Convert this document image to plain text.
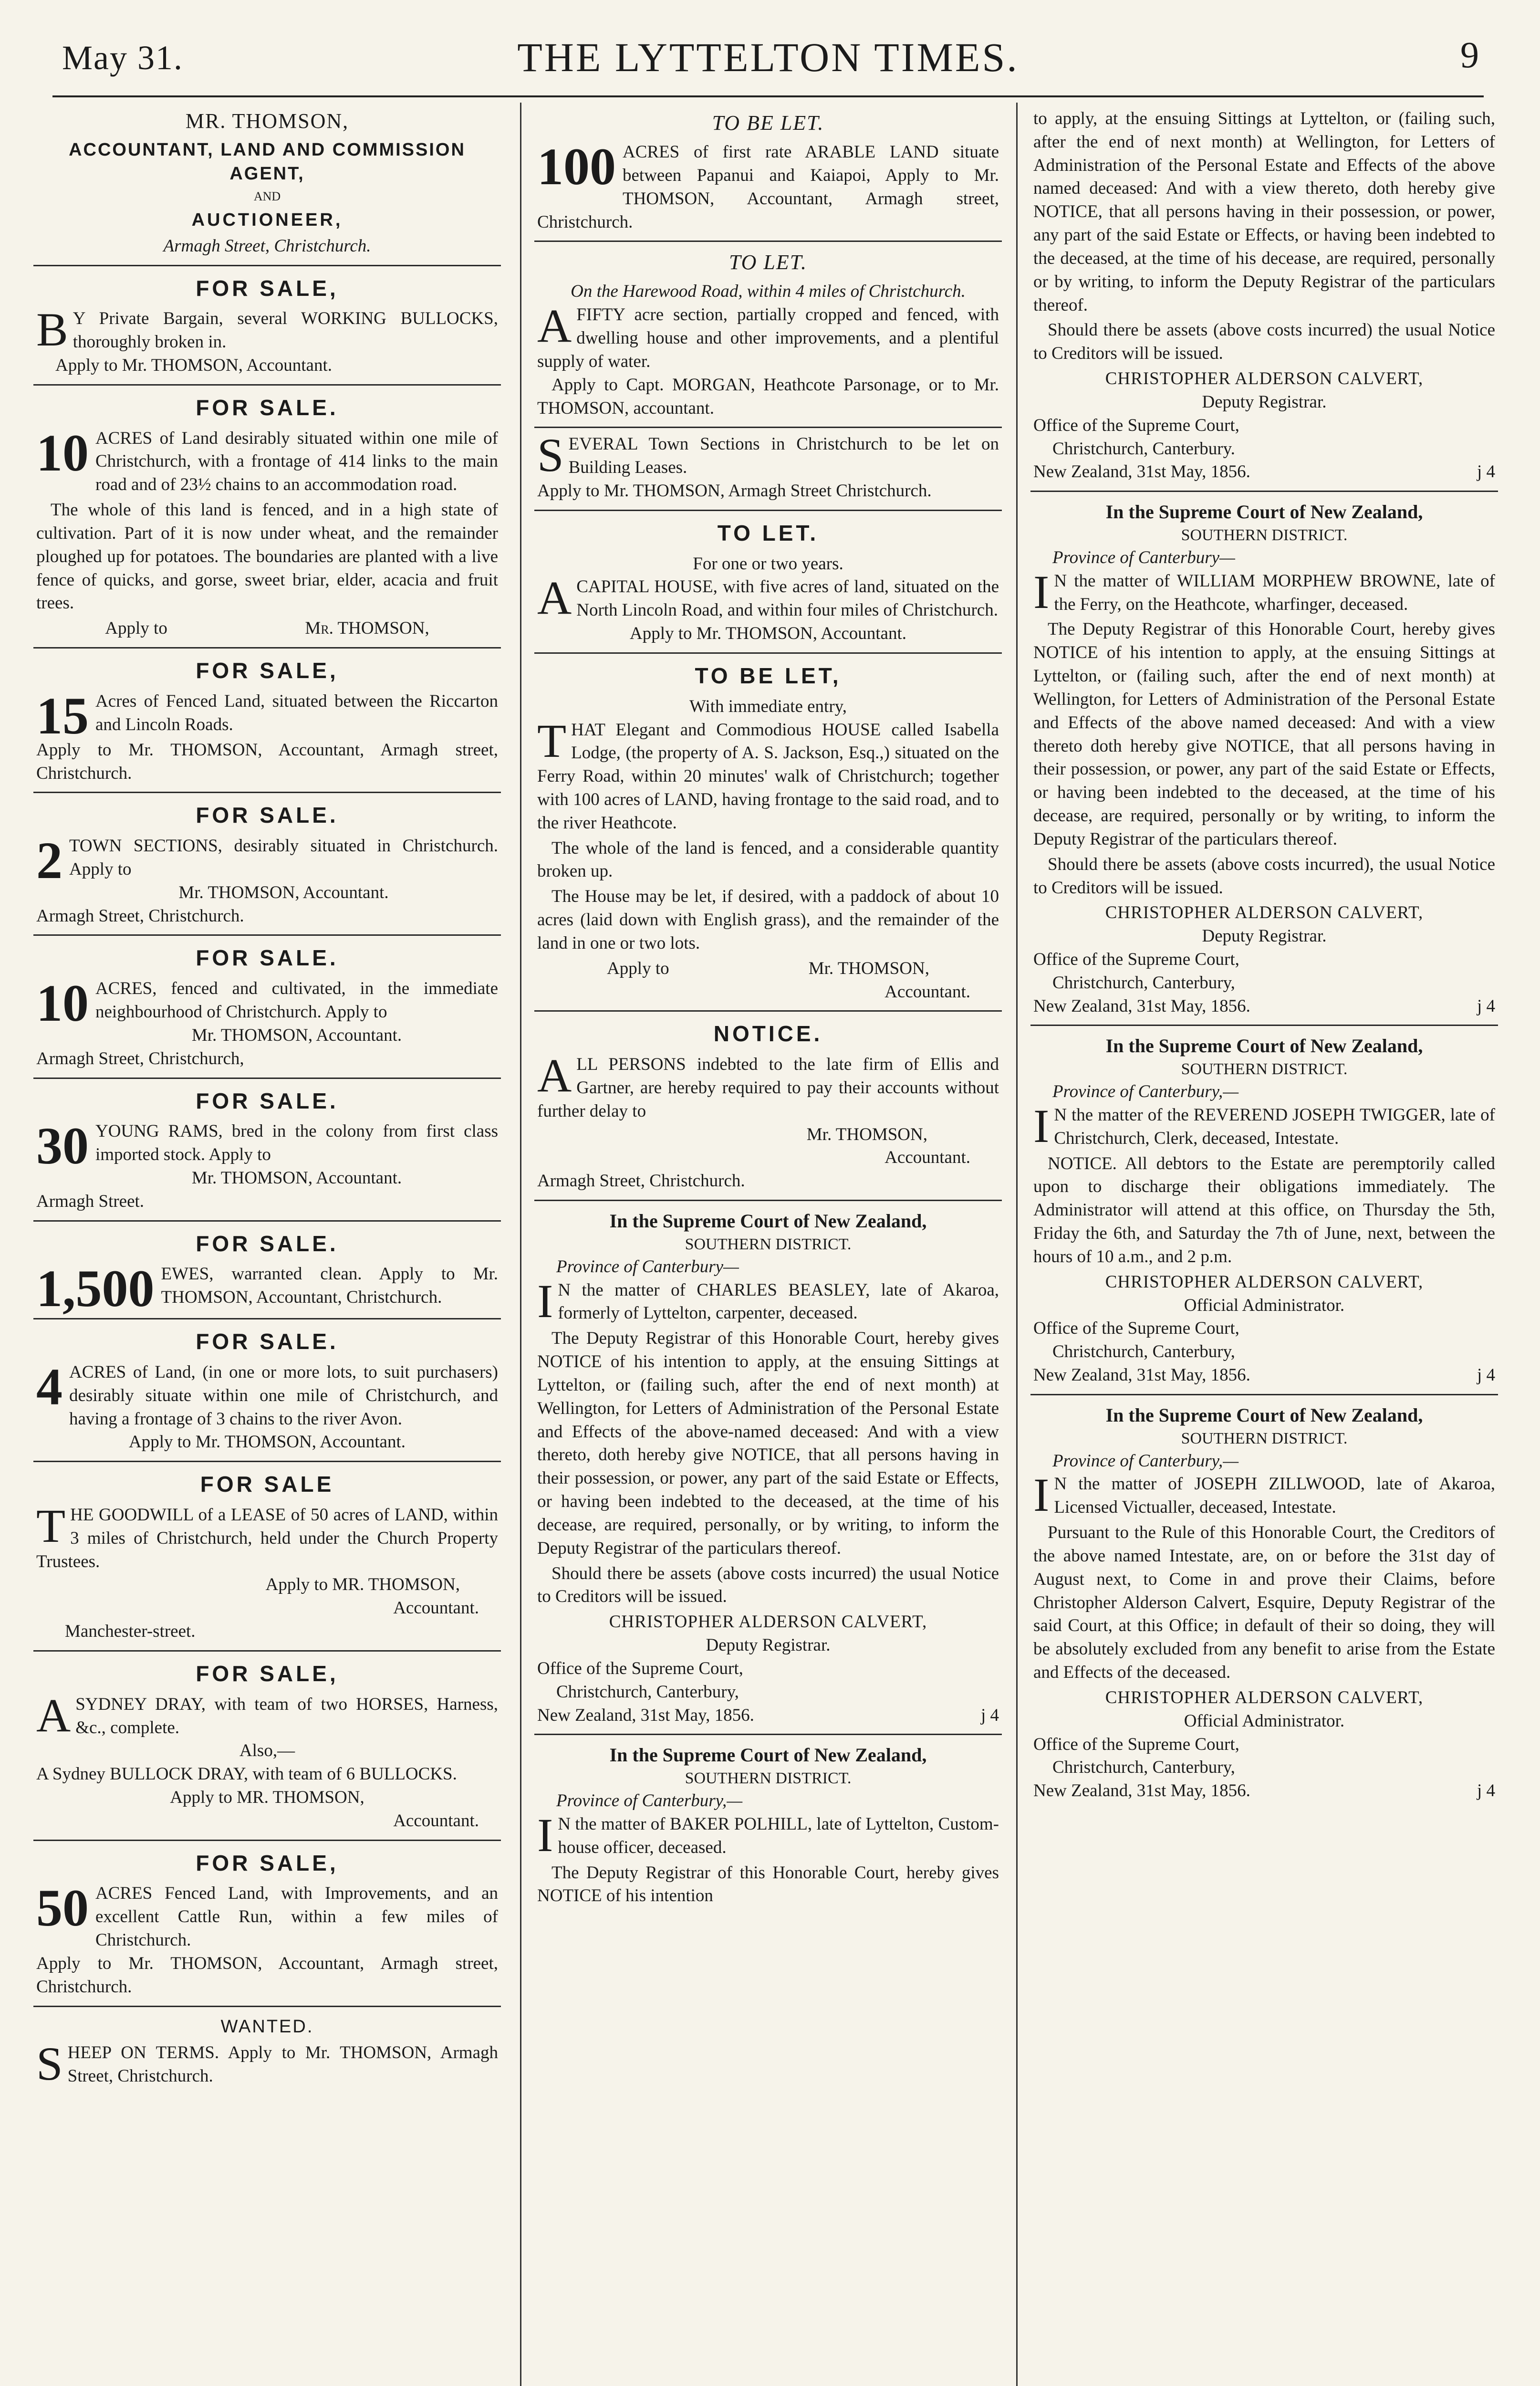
May 31.	THE LYTTELTON TIMES.	9
MR. THOMSON,
ACCOUNTANT, LAND AND COMMISSION AGENT,
AND
AUCTIONEER,
Armagh Street, Christchurch.
FOR SALE,
B Y Private Bargain, several WORKING BULLOCKS, thoroughly broken in.
Apply to Mr. THOMSON, Accountant.
FOR SALE.
10 ACRES of Land desirably situated within one mile of Christchurch, with a frontage of 414 links to the main road and of 23½ chains to an accommodation road.
The whole of this land is fenced, and in a high state of cultivation. Part of it is now under wheat, and the remainder ploughed up for potatoes. The boundaries are planted with a live fence of quicks, and gorse, sweet briar, elder, acacia and fruit trees.
Apply to	Mr. THOMSON,
FOR SALE,
15 Acres of Fenced Land, situated between the Riccarton and Lincoln Roads.
Apply to Mr. THOMSON, Accountant, Armagh street, Christchurch.
FOR SALE.
2 TOWN SECTIONS, desirably situated in Christchurch. Apply to
Mr. THOMSON, Accountant.
Armagh Street, Christchurch.
FOR SALE.
10 ACRES, fenced and cultivated, in the immediate neighbourhood of Christchurch. Apply to
Mr. THOMSON, Accountant.
Armagh Street, Christchurch,
FOR SALE.
30 YOUNG RAMS, bred in the colony from first class imported stock. Apply to
Mr. THOMSON, Accountant.
Armagh Street.
FOR SALE.
1,500 EWES, warranted clean. Apply to Mr. THOMSON, Accountant, Christchurch.
FOR SALE.
4 ACRES of Land, (in one or more lots, to suit purchasers) desirably situate within one mile of Christchurch, and having a frontage of 3 chains to the river Avon.
Apply to Mr. THOMSON, Accountant.
FOR SALE
T HE GOODWILL of a LEASE of 50 acres of LAND, within 3 miles of Christchurch, held under the Church Property Trustees.
Apply to MR. THOMSON,
Accountant.
Manchester-street.
FOR SALE,
A SYDNEY DRAY, with team of two HORSES, Harness, &c., complete.
Also,—
A Sydney BULLOCK DRAY, with team of 6 BULLOCKS.
Apply to MR. THOMSON,
Accountant.
FOR SALE,
50 ACRES Fenced Land, with Improvements, and an excellent Cattle Run, within a few miles of Christchurch.
Apply to Mr. THOMSON, Accountant, Armagh street, Christchurch.
WANTED.
S HEEP ON TERMS. Apply to Mr. THOMSON, Armagh Street, Christchurch.
TO BE LET.
100 ACRES of first rate ARABLE LAND situate between Papanui and Kaiapoi, Apply to Mr. THOMSON, Accountant, Armagh street, Christchurch.
TO LET.
On the Harewood Road, within 4 miles of Christchurch.
A FIFTY acre section, partially cropped and fenced, with dwelling house and other improvements, and a plentiful supply of water.
Apply to Capt. MORGAN, Heathcote Parsonage, or to Mr. THOMSON, accountant.
S EVERAL Town Sections in Christchurch to be let on Building Leases.
Apply to Mr. THOMSON, Armagh Street Christchurch.
TO LET.
For one or two years.
A CAPITAL HOUSE, with five acres of land, situated on the North Lincoln Road, and within four miles of Christchurch.
Apply to Mr. THOMSON, Accountant.
TO BE LET,
With immediate entry,
T HAT Elegant and Commodious HOUSE called Isabella Lodge, (the property of A. S. Jackson, Esq.,) situated on the Ferry Road, within 20 minutes' walk of Christchurch; together with 100 acres of LAND, having frontage to the said road, and to the river Heathcote.
The whole of the land is fenced, and a considerable quantity broken up.
The House may be let, if desired, with a paddock of about 10 acres (laid down with English grass), and the remainder of the land in one or two lots.
Apply to	Mr. THOMSON,
Accountant.
NOTICE.
A LL PERSONS indebted to the late firm of Ellis and Gartner, are hereby required to pay their accounts without further delay to
Mr. THOMSON,
Accountant.
Armagh Street, Christchurch.
In the Supreme Court of New Zealand,
SOUTHERN DISTRICT.
Province of Canterbury—
I N the matter of CHARLES BEASLEY, late of Akaroa, formerly of Lyttelton, carpenter, deceased.
The Deputy Registrar of this Honorable Court, hereby gives NOTICE of his intention to apply, at the ensuing Sittings at Lyttelton, or (failing such, after the end of next month) at Wellington, for Letters of Administration of the Personal Estate and Effects of the above-named deceased: And with a view thereto, doth hereby give NOTICE, that all persons having in their possession, or power, any part of the said Estate or Effects, or having been indebted to the deceased, at the time of his decease, are required, personally, or by writing, to inform the Deputy Registrar of the particulars thereof.
Should there be assets (above costs incurred) the usual Notice to Creditors will be issued.
CHRISTOPHER ALDERSON CALVERT,
Deputy Registrar.
Office of the Supreme Court,
Christchurch, Canterbury,
New Zealand, 31st May, 1856.	j 4
In the Supreme Court of New Zealand,
SOUTHERN DISTRICT.
Province of Canterbury,—
I N the matter of BAKER POLHILL, late of Lyttelton, Custom-house officer, deceased.
The Deputy Registrar of this Honorable Court, hereby gives NOTICE of his intention
to apply, at the ensuing Sittings at Lyttelton, or (failing such, after the end of next month) at Wellington, for Letters of Administration of the Personal Estate and Effects of the above named deceased: And with a view thereto, doth hereby give NOTICE, that all persons having in their possession, or power, any part of the said Estate or Effects, or having been indebted to the deceased, at the time of his decease, are required, personally or by writing, to inform the Deputy Registrar of the particulars thereof.
Should there be assets (above costs incurred) the usual Notice to Creditors will be issued.
CHRISTOPHER ALDERSON CALVERT,
Deputy Registrar.
Office of the Supreme Court,
Christchurch, Canterbury.
New Zealand, 31st May, 1856.	j 4
In the Supreme Court of New Zealand,
SOUTHERN DISTRICT.
Province of Canterbury—
I N the matter of WILLIAM MORPHEW BROWNE, late of the Ferry, on the Heathcote, wharfinger, deceased.
The Deputy Registrar of this Honorable Court, hereby gives NOTICE of his intention to apply, at the ensuing Sittings at Lyttelton, or (failing such, after the end of next month) at Wellington, for Letters of Administration of the Personal Estate and Effects of the above named deceased: And with a view thereto doth hereby give NOTICE, that all persons having in their possession, or power, any part of the said Estate or Effects, or having been indebted to the deceased, at the time of his decease, are required, personally or by writing, to inform the Deputy Registrar of the particulars thereof.
Should there be assets (above costs incurred), the usual Notice to Creditors will be issued.
CHRISTOPHER ALDERSON CALVERT,
Deputy Registrar.
Office of the Supreme Court,
Christchurch, Canterbury,
New Zealand, 31st May, 1856.	j 4
In the Supreme Court of New Zealand,
SOUTHERN DISTRICT.
Province of Canterbury,—
I N the matter of the REVEREND JOSEPH TWIGGER, late of Christchurch, Clerk, deceased, Intestate.
NOTICE. All debtors to the Estate are peremptorily called upon to discharge their obligations immediately. The Administrator will attend at this office, on Thursday the 5th, Friday the 6th, and Saturday the 7th of June, next, between the hours of 10 a.m., and 2 p.m.
CHRISTOPHER ALDERSON CALVERT,
Official Administrator.
Office of the Supreme Court,
Christchurch, Canterbury,
New Zealand, 31st May, 1856.	j 4
In the Supreme Court of New Zealand,
SOUTHERN DISTRICT.
Province of Canterbury,—
I N the matter of JOSEPH ZILLWOOD, late of Akaroa, Licensed Victualler, deceased, Intestate.
Pursuant to the Rule of this Honorable Court, the Creditors of the above named Intestate, are, on or before the 31st day of August next, to Come in and prove their Claims, before Christopher Alderson Calvert, Esquire, Deputy Registrar of the said Court, at this Office; in default of their so doing, they will be absolutely excluded from any benefit to arise from the Estate and Effects of the deceased.
CHRISTOPHER ALDERSON CALVERT,
Official Administrator.
Office of the Supreme Court,
Christchurch, Canterbury,
New Zealand, 31st May, 1856.	j 4
